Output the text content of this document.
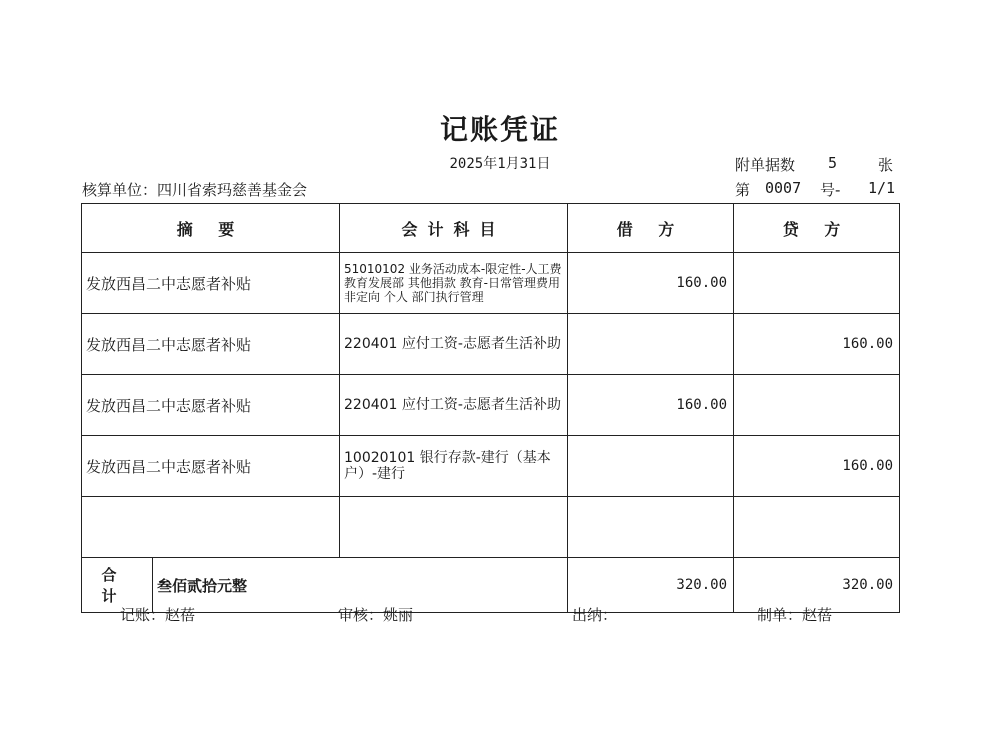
记账凭证
2025年1月31日	附单据数 5	张
核算单位：四川省索玛慈善基金会	第 0007 号- 1/1
摘 要	会计科目	借 方	贷 方
发放西昌二中志愿者补贴	51010102 业务活动成本-限定性-人工费 教育发展部 其他捐款 教育-日常管理费用 非定向 个人 部门执行管理	160.00	
发放西昌二中志愿者补贴	220401 应付工资-志愿者生活补助		160.00
发放西昌二中志愿者补贴	220401 应付工资-志愿者生活补助	160.00	
发放西昌二中志愿者补贴	10020101 银行存款-建行（基本户）-建行		160.00

合 计
叁佰贰拾元整		320.00	320.00
记账：赵蓓	审核：姚丽	出纳：	制单：赵蓓
